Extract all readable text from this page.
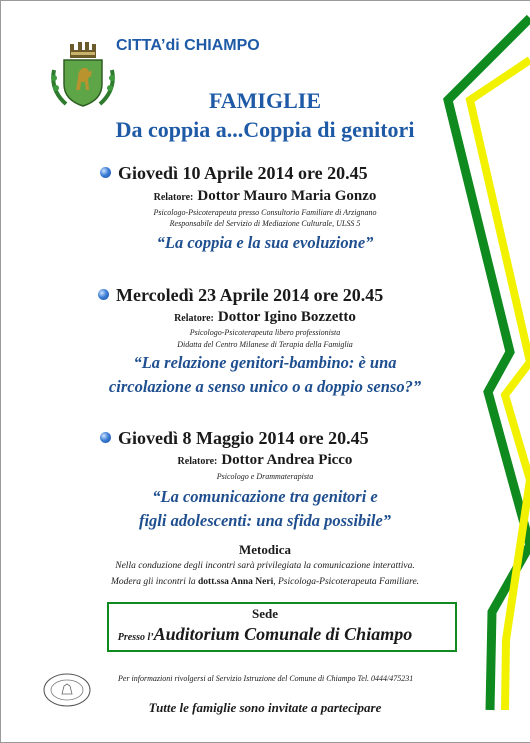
CITTA’di CHIAMPO
FAMIGLIE
Da coppia a...Coppia di genitori
Giovedì 10 Aprile 2014 ore 20.45
Relatore: Dottor Mauro Maria Gonzo
Psicologo-Psicoterapeuta presso Consultorio Familiare di Arzignano
Responsabile del Servizio di Mediazione Culturale, ULSS 5
“La coppia e la sua evoluzione”
Mercoledì 23 Aprile 2014 ore 20.45
Relatore: Dottor Igino Bozzetto
Psicologo-Psicoterapeuta libero professionista
Didatta del Centro Milanese di Terapia della Famiglia
“La relazione genitori-bambino: è una
circolazione a senso unico o a doppio senso?”
Giovedì 8 Maggio 2014 ore 20.45
Relatore: Dottor Andrea Picco
Psicologo e Drammaterapista
“La comunicazione tra genitori e
figli adolescenti: una sfida possibile”
Metodica
Nella conduzione degli incontri sarà privilegiata la comunicazione interattiva.
Modera gli incontri la dott.ssa Anna Neri, Psicologa-Psicoterapeuta Familiare.
Sede
Presso l’Auditorium Comunale di Chiampo
Per informazioni rivolgersi al Servizio Istruzione del Comune di Chiampo Tel. 0444/475231
Tutte le famiglie sono invitate a partecipare
